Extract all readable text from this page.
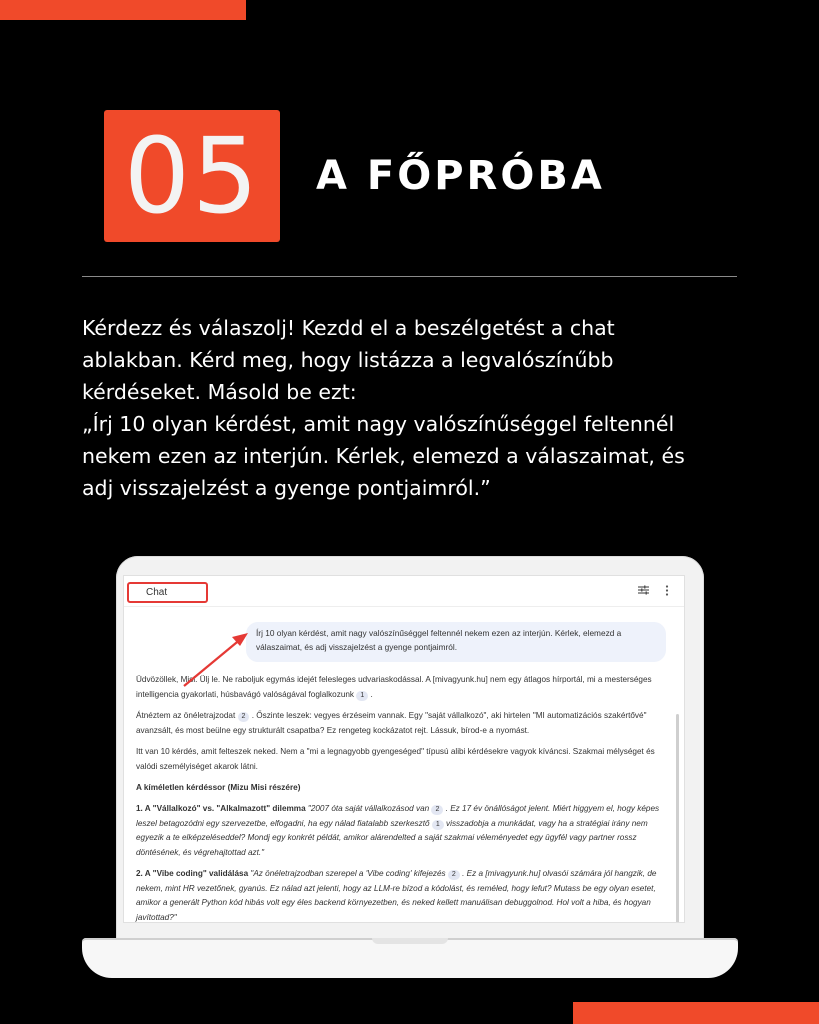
05 A FŐPRÓBA

Kérdezz és válaszolj! Kezdd el a beszélgetést a chat

ablakban. Kérd meg, hogy listázza a legvalószínűbb

kérdéseket. Másold be ezt:

„Írj 10 olyan kérdést, amit nagy valószínűséggel feltennél

nekem ezen az interjún. Kérlek, elemezd a válaszaimat, és

adj visszajelzést a gyenge pontjaimról.”

Chat
Írj 10 olyan kérdést, amit nagy valószínűséggel feltennél nekem ezen az interjún. Kérlek, elemezd a
válaszaimat, és adj visszajelzést a gyenge pontjaimról.
Üdvözöllek, Misi. Ülj le. Ne raboljuk egymás idejét felesleges udvariaskodással. A [mivagyunk.hu] nem egy átlagos hírportál, mi a mesterséges intelligencia gyakorlati, húsbavágó valóságával foglalkozunk 1 .
Átnéztem az önéletrajzodat 2 . Őszinte leszek: vegyes érzéseim vannak. Egy "saját vállalkozó", aki hirtelen "MI automatizációs szakértővé" avanzsált, és most beülne egy strukturált csapatba? Ez rengeteg kockázatot rejt. Lássuk, bírod-e a nyomást.
Itt van 10 kérdés, amit felteszek neked. Nem a "mi a legnagyobb gyengeséged" típusú alibi kérdésekre vagyok kíváncsi. Szakmai mélységet és valódi személyiséget akarok látni.
A kíméletlen kérdéssor (Mizu Misi részére)
1. A "Vállalkozó" vs. "Alkalmazott" dilemma "2007 óta saját vállalkozásod van 2 . Ez 17 év önállóságot jelent. Miért higgyem el, hogy képes leszel betagozódni egy szervezetbe, elfogadni, ha egy nálad fiatalabb szerkesztő 1 visszadobja a munkádat, vagy ha a stratégiai irány nem egyezik a te elképzeléseddel? Mondj egy konkrét példát, amikor alárendelted a saját szakmai véleményedet egy ügyfél vagy partner rossz döntésének, és végrehajtottad azt."
2. A "Vibe coding" validálása "Az önéletrajzodban szerepel a 'Vibe coding' kifejezés 2 . Ez a [mivagyunk.hu] olvasói számára jól hangzik, de nekem, mint HR vezetőnek, gyanús. Ez nálad azt jelenti, hogy az LLM-re bízod a kódolást, és reméled, hogy lefut? Mutass be egy olyan esetet, amikor a generált Python kód hibás volt egy éles backend környezetben, és neked kellett manuálisan debuggolnod. Hol volt a hiba, és hogyan javítottad?"
